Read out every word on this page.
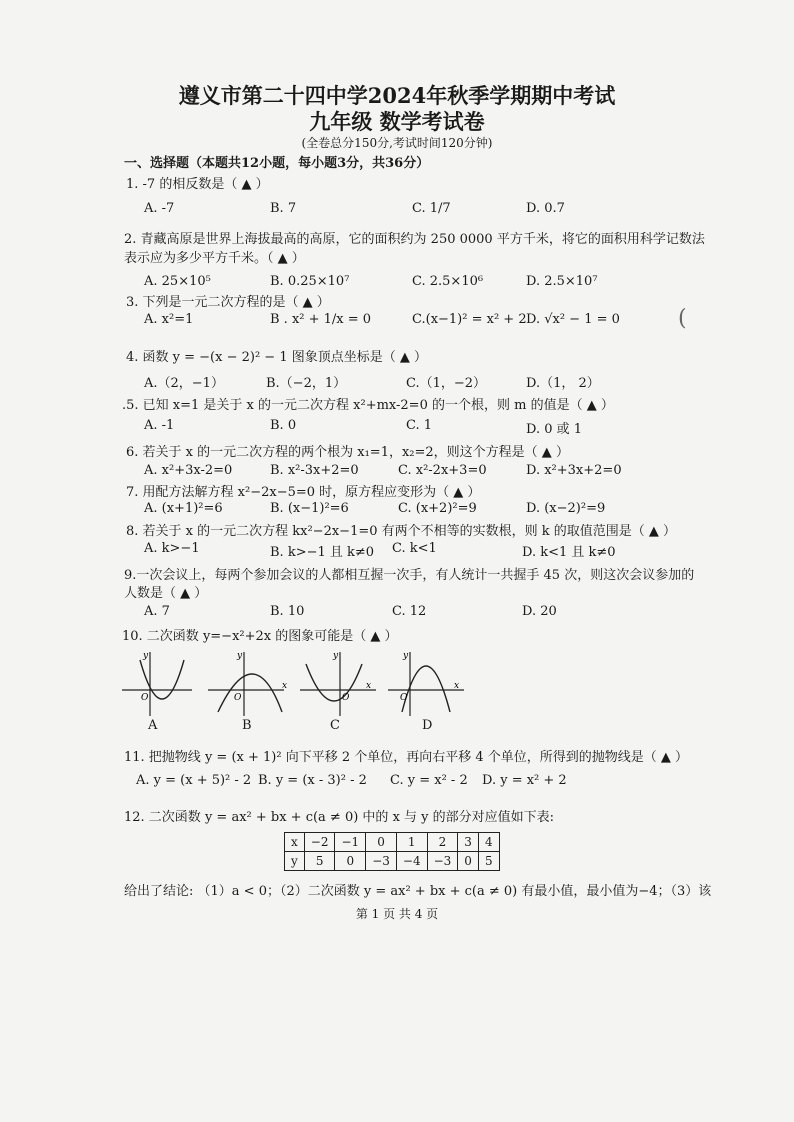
遵义市第二十四中学2024年秋季学期期中考试
九年级 数学考试卷
(全卷总分150分,考试时间120分钟)
一、选择题（本题共12小题，每小题3分，共36分）
1. -7 的相反数是（ ▲ ）
A. -7	B. 7	C. 1/7	D. 0.7
2. 青藏高原是世界上海拔最高的高原，它的面积约为 250 0000 平方千米，将它的面积用科学记数法
表示应为多少平方千米。（ ▲ ）
A. 25×10⁵	B. 0.25×10⁷	C. 2.5×10⁶	D. 2.5×10⁷
3. 下列是一元二次方程的是（ ▲ ）
A. x²=1	B . x² + 1/x = 0	C.(x−1)² = x² + 2 D. √x² − 1 = 0	(
4. 函数 y = −(x − 2)² − 1 图象顶点坐标是（ ▲ ）
A.（2，−1）	B.（−2，1）	C.（1，−2）	D.（1， 2）
.5. 已知 x=1 是关于 x 的一元二次方程 x²+mx-2=0 的一个根，则 m 的值是（ ▲ ）
A. -1	B. 0	C. 1	D. 0 或 1
6. 若关于 x 的一元二次方程的两个根为 x₁=1，x₂=2，则这个方程是（ ▲ ）
A. x²+3x-2=0	B. x²-3x+2=0	C. x²-2x+3=0	D. x²+3x+2=0
7. 用配方法解方程 x²−2x−5=0 时，原方程应变形为（ ▲ ）
A. (x+1)²=6	B. (x−1)²=6	C. (x+2)²=9	D. (x−2)²=9
8. 若关于 x 的一元二次方程 kx²−2x−1=0 有两个不相等的实数根，则 k 的取值范围是（ ▲ ）
A. k>−1	B. k>−1 且 k≠0 C. k<1	D. k<1 且 k≠0
9.一次会议上，每两个参加会议的人都相互握一次手，有人统计一共握手 45 次，则这次会议参加的
人数是（ ▲ ）
A. 7	B. 10	C. 12	D. 20
10. 二次函数 y=−x²+2x 的图象可能是（ ▲ ）
y
O
A
y
O
x
B
y
O
x
C
y
O
x
D
11. 把抛物线 y = (x + 1)² 向下平移 2 个单位，再向右平移 4 个单位，所得到的抛物线是（ ▲ ）
A. y = (x + 5)² - 2 B. y = (x - 3)² - 2 C. y = x² - 2 D. y = x² + 2
12. 二次函数 y = ax² + bx + c(a ≠ 0) 中的 x 与 y 的部分对应值如下表:
x	−2	−1	0	1	2	3	4
y	5	0	−3	−4	−3	0	5
给出了结论: （1）a < 0；（2）二次函数 y = ax² + bx + c(a ≠ 0) 有最小值，最小值为−4；（3）该
第 1 页 共 4 页
